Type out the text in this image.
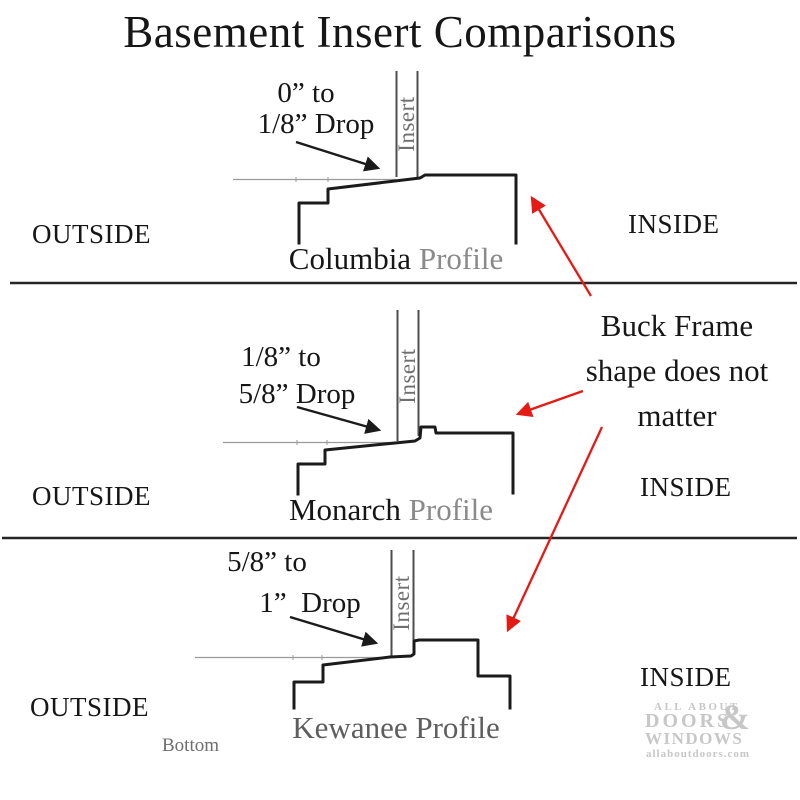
Basement Insert Comparisons
0” to
1/8” Drop Insert
OUTSIDE	INSIDE
Columbia Profile
1/8” to
5/8” Drop	Insert
OUTSIDE	INSIDE
Monarch Profile
5/8” to
1”  Drop	Insert
OUTSIDE
INSIDE
Kewanee Profile
Buck Frame
shape does not
matter
Bottom
ALL ABOUT
DOORS
&
WINDOWS
allaboutdoors.com
